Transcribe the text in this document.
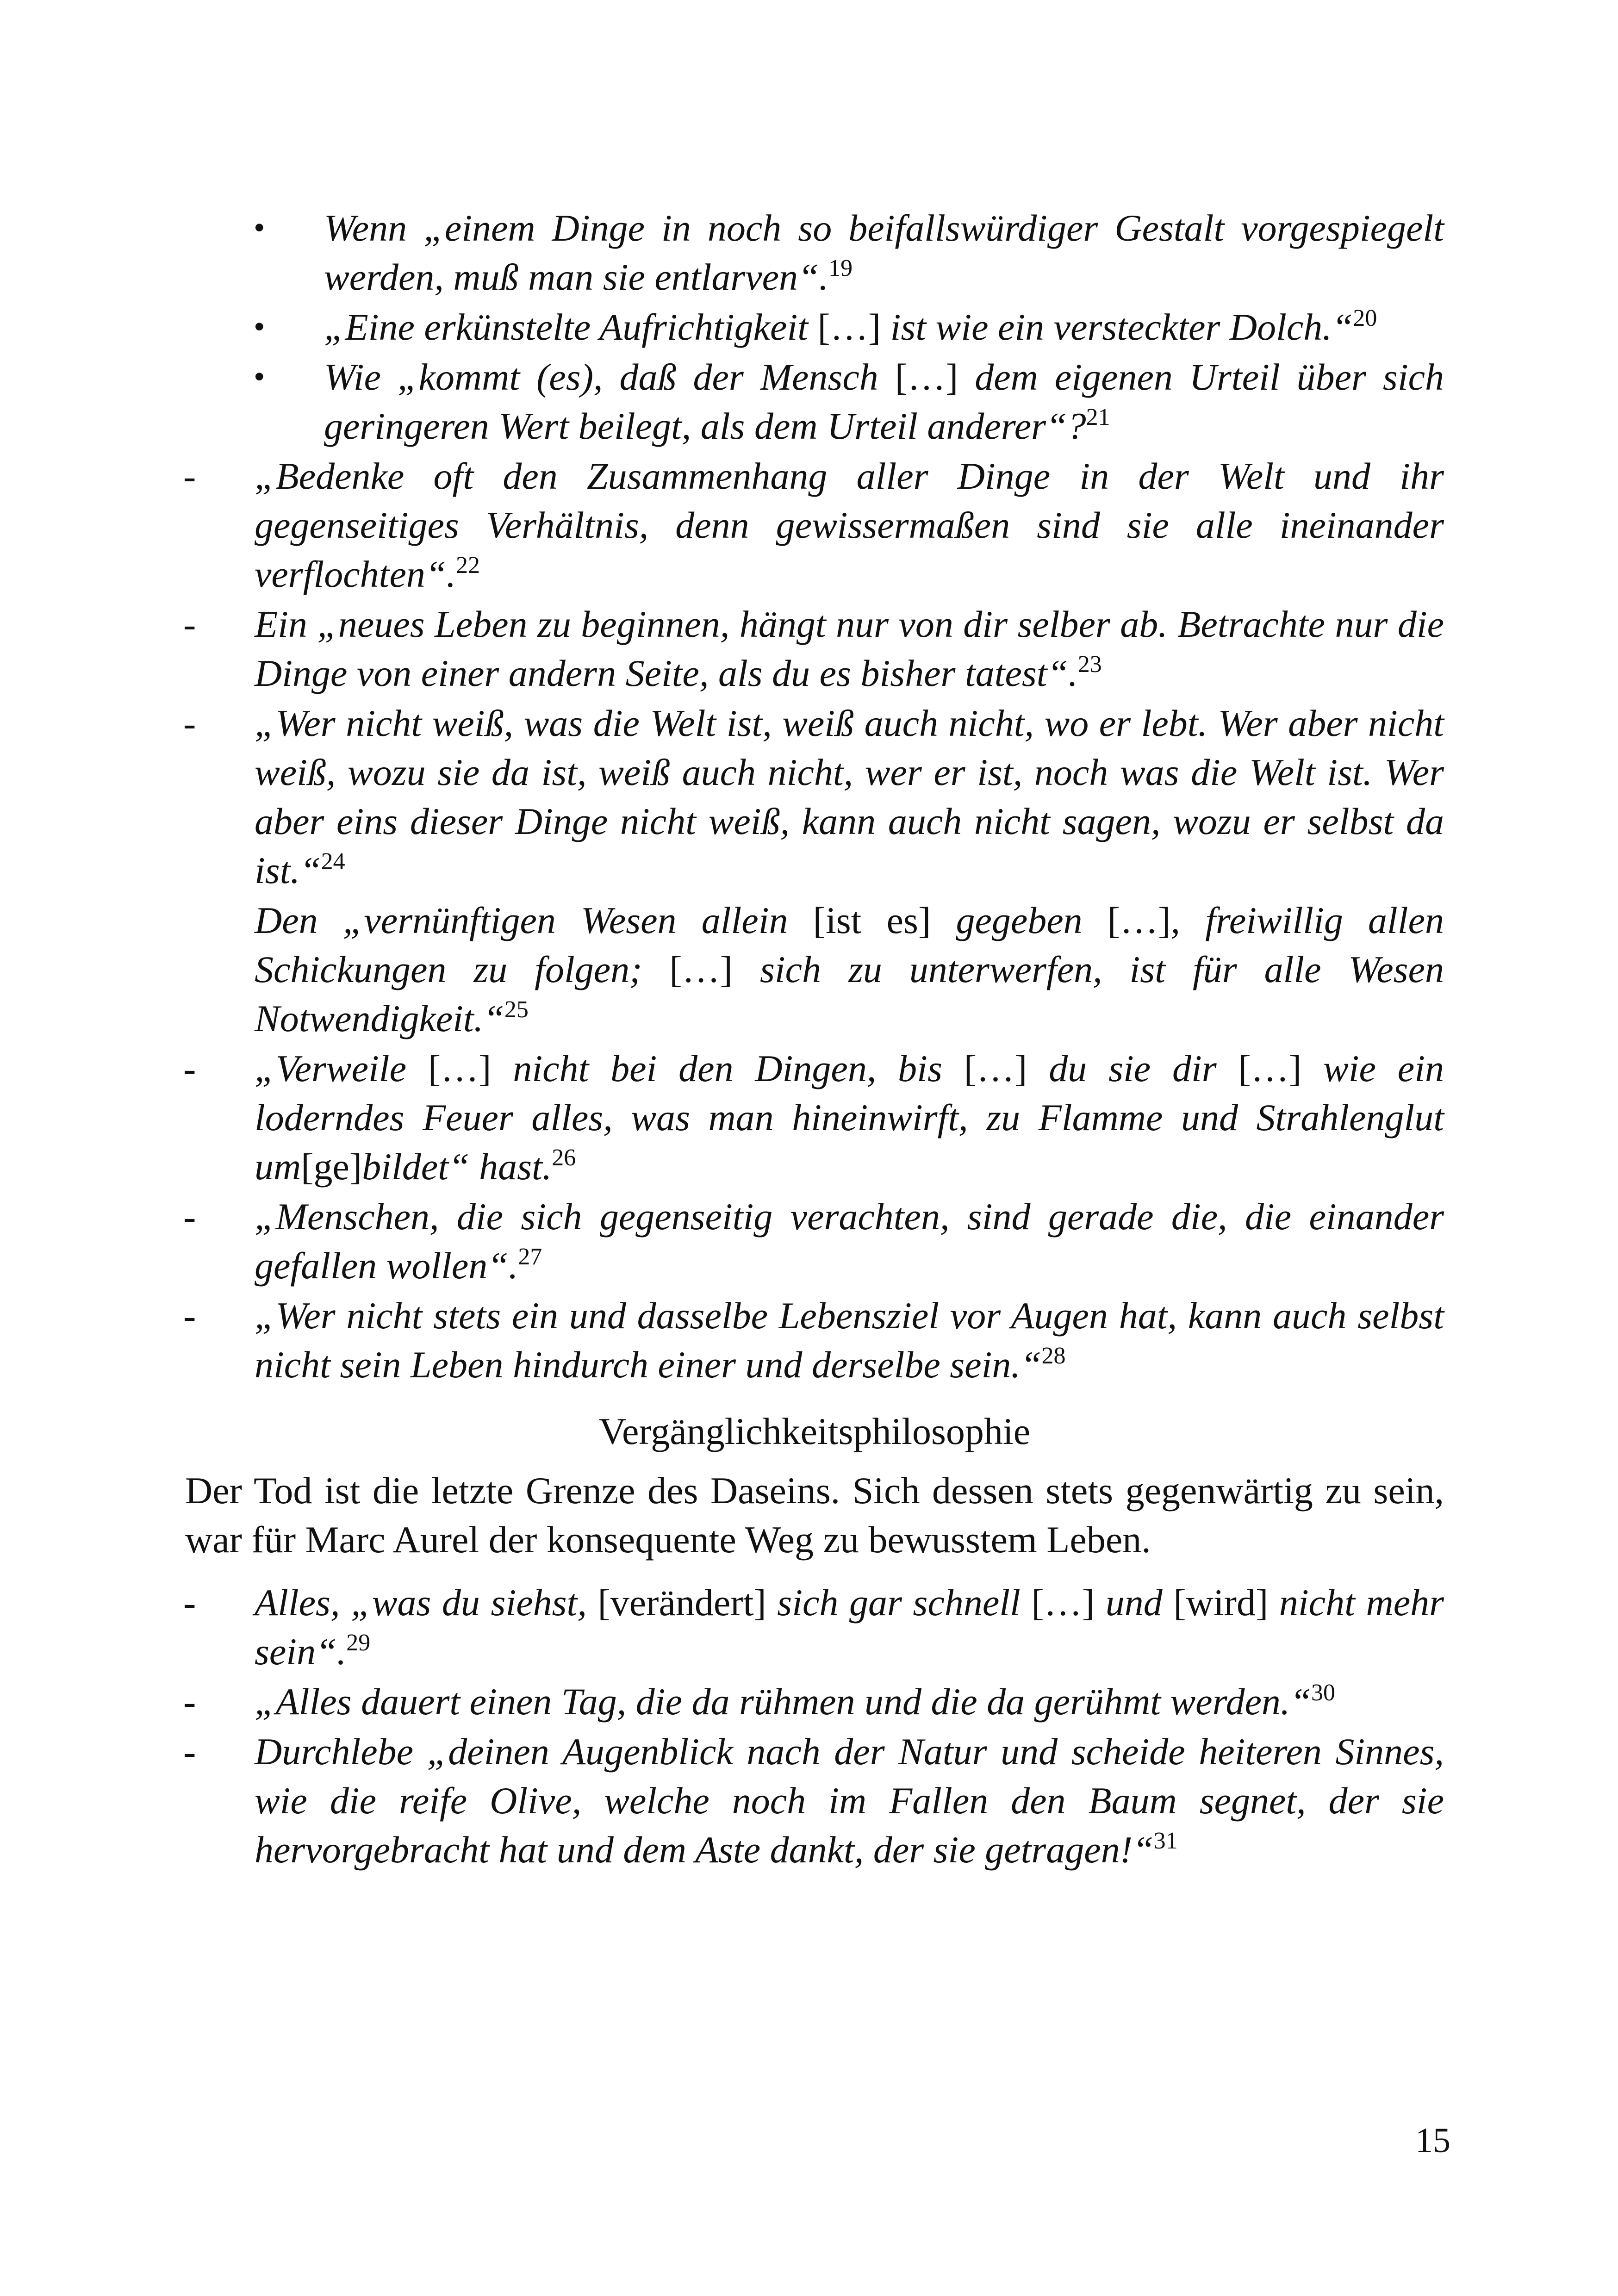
•	Wenn „einem Dinge in noch so beifallswürdiger Gestalt vorgespiegelt werden, muß man sie entlarven“.$^{19}$
•	„Eine erkünstelte Aufrichtigkeit […] ist wie ein versteckter Dolch.“$^{20}$
•	Wie „kommt (es), daß der Mensch […] dem eigenen Urteil über sich geringeren Wert beilegt, als dem Urteil anderer“?$^{21}$
-	„Bedenke oft den Zusammenhang aller Dinge in der Welt und ihr gegenseitiges Verhältnis, denn gewissermaßen sind sie alle ineinander verflochten“.$^{22}$
-	Ein „neues Leben zu beginnen, hängt nur von dir selber ab. Betrachte nur die Dinge von einer andern Seite, als du es bisher tatest“.$^{23}$
-	„Wer nicht weiß, was die Welt ist, weiß auch nicht, wo er lebt. Wer aber nicht weiß, wozu sie da ist, weiß auch nicht, wer er ist, noch was die Welt ist. Wer aber eins dieser Dinge nicht weiß, kann auch nicht sagen, wozu er selbst da ist.“$^{24}$
Den „vernünftigen Wesen allein [ist es] gegeben […], freiwillig allen Schickungen zu folgen; […] sich zu unterwerfen, ist für alle Wesen Notwendigkeit.“$^{25}$
-	„Verweile […] nicht bei den Dingen, bis […] du sie dir […] wie ein loderndes Feuer alles, was man hineinwirft, zu Flamme und Strahlenglut um[ge]bildet“ hast.$^{26}$
-	„Menschen, die sich gegenseitig verachten, sind gerade die, die einander gefallen wollen“.$^{27}$
-	„Wer nicht stets ein und dasselbe Lebensziel vor Augen hat, kann auch selbst nicht sein Leben hindurch einer und derselbe sein.“$^{28}$
Vergänglichkeitsphilosophie
Der Tod ist die letzte Grenze des Daseins. Sich dessen stets gegenwärtig zu sein, war für Marc Aurel der konsequente Weg zu bewusstem Leben.
-	Alles, „was du siehst, [verändert] sich gar schnell […] und [wird] nicht mehr sein“.$^{29}$
-	„Alles dauert einen Tag, die da rühmen und die da gerühmt werden.“$^{30}$
-	Durchlebe „deinen Augenblick nach der Natur und scheide heiteren Sinnes, wie die reife Olive, welche noch im Fallen den Baum segnet, der sie hervorgebracht hat und dem Aste dankt, der sie getragen!“$^{31}$
15
